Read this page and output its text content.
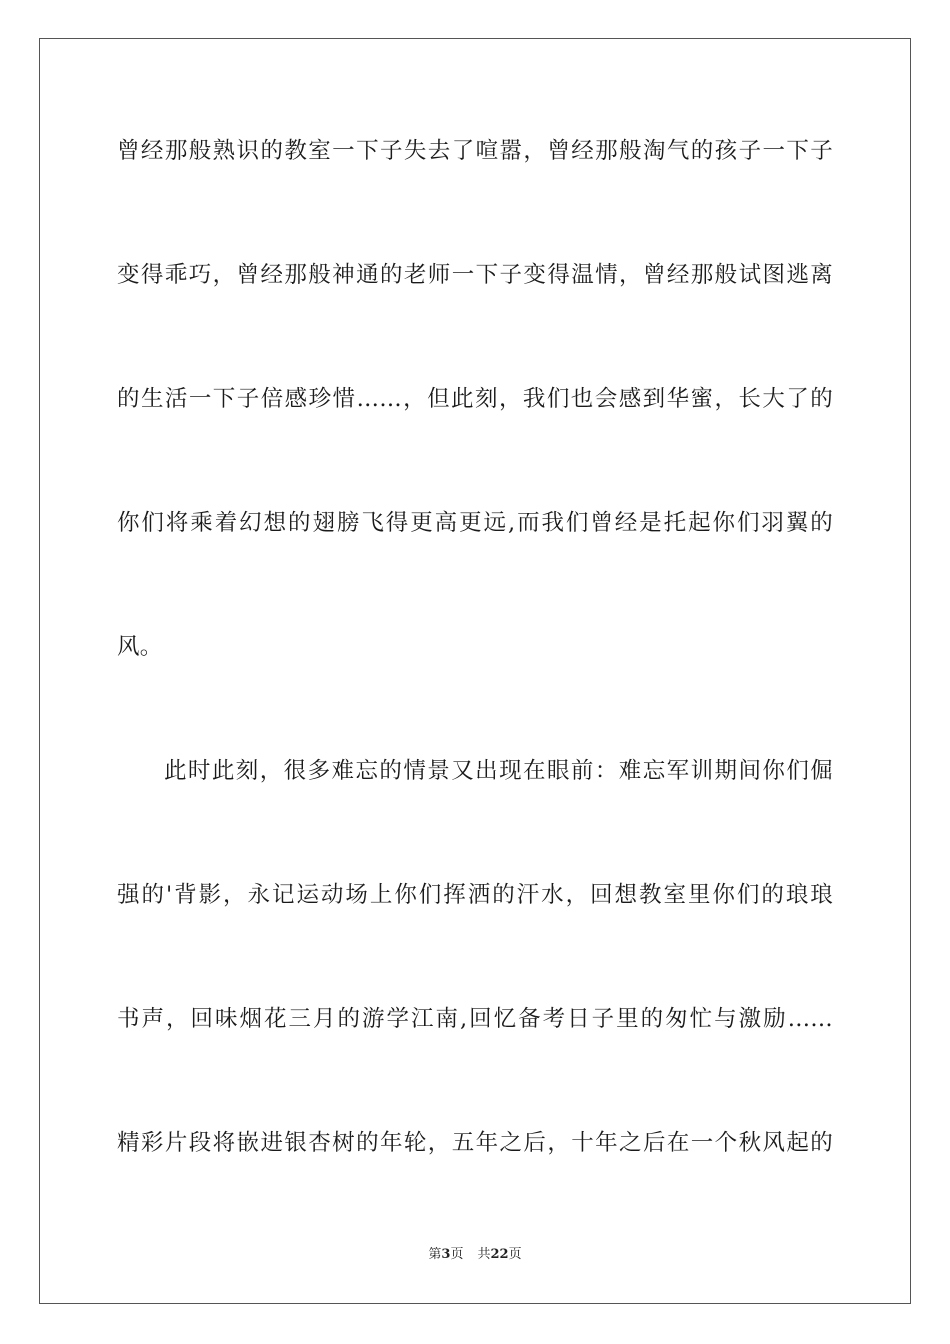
曾经那般熟识的教室一下子失去了喧嚣，曾经那般淘气的孩子一下子
变得乖巧，曾经那般神通的老师一下子变得温情，曾经那般试图逃离
的生活一下子倍感珍惜……，但此刻，我们也会感到华蜜，长大了的
你们将乘着幻想的翅膀飞得更高更远,而我们曾经是托起你们羽翼的
风。
此时此刻，很多难忘的情景又出现在眼前：难忘军训期间你们倔
强的'背影，永记运动场上你们挥洒的汗水，回想教室里你们的琅琅
书声，回味烟花三月的游学江南,回忆备考日子里的匆忙与激励……
精彩片段将嵌进银杏树的年轮，五年之后，十年之后在一个秋风起的
第3页 共22页
